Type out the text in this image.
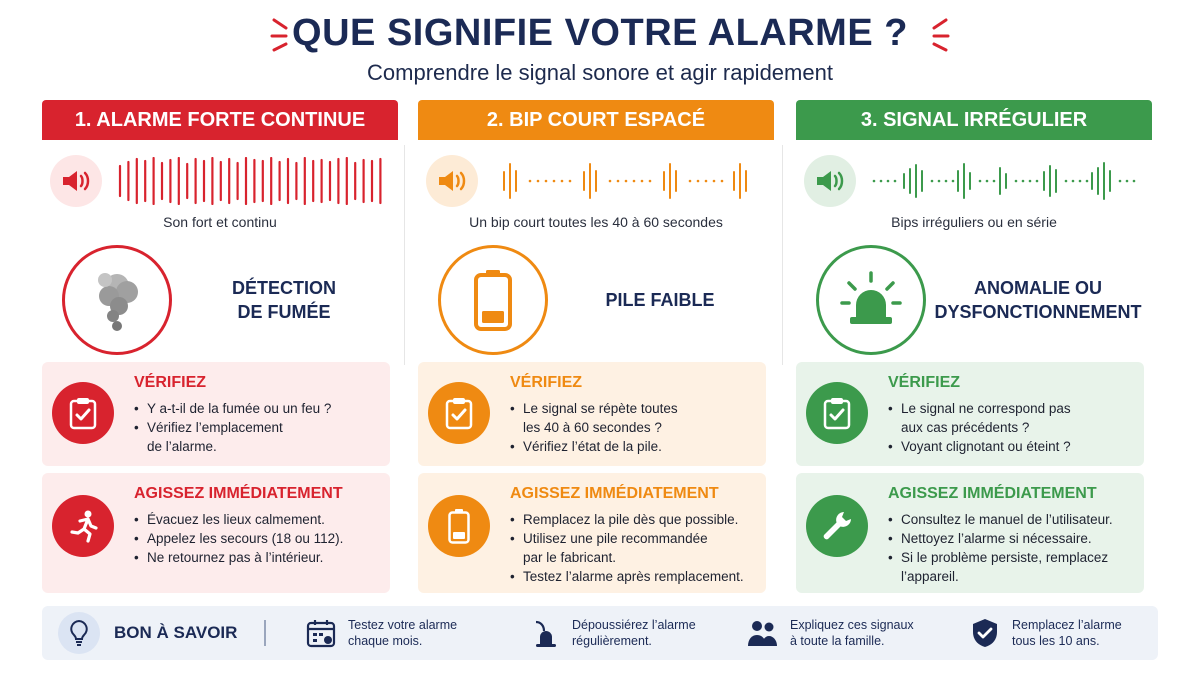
QUE SIGNIFIE VOTRE ALARME ?
Comprendre le signal sonore et agir rapidement
1. ALARME FORTE CONTINUE
Son fort et continu
DÉTECTION
DE FUMÉE
VÉRIFIEZ
• Y a-t-il de la fumée ou un feu ?
• Vérifiez l’emplacement
de l’alarme.
AGISSEZ IMMÉDIATEMENT
• Évacuez les lieux calmement.
• Appelez les secours (18 ou 112).
• Ne retournez pas à l’intérieur.
2. BIP COURT ESPACÉ
Un bip court toutes les 40 à 60 secondes
PILE FAIBLE
VÉRIFIEZ
• Le signal se répète toutes
les 40 à 60 secondes ?
• Vérifiez l’état de la pile.
AGISSEZ IMMÉDIATEMENT
• Remplacez la pile dès que possible.
• Utilisez une pile recommandée
par le fabricant.
• Testez l’alarme après remplacement.
3. SIGNAL IRRÉGULIER
Bips irréguliers ou en série
ANOMALIE OU
DYSFONCTIONNEMENT
VÉRIFIEZ
• Le signal ne correspond pas
aux cas précédents ?
• Voyant clignotant ou éteint ?
AGISSEZ IMMÉDIATEMENT
• Consultez le manuel de l’utilisateur.
• Nettoyez l’alarme si nécessaire.
• Si le problème persiste, remplacez
l’appareil.
BON À SAVOIR	Testez votre alarme
chaque mois.
Dépoussiérez l’alarme
régulièrement.
Expliquez ces signaux
à toute la famille.
Remplacez l’alarme
tous les 10 ans.
